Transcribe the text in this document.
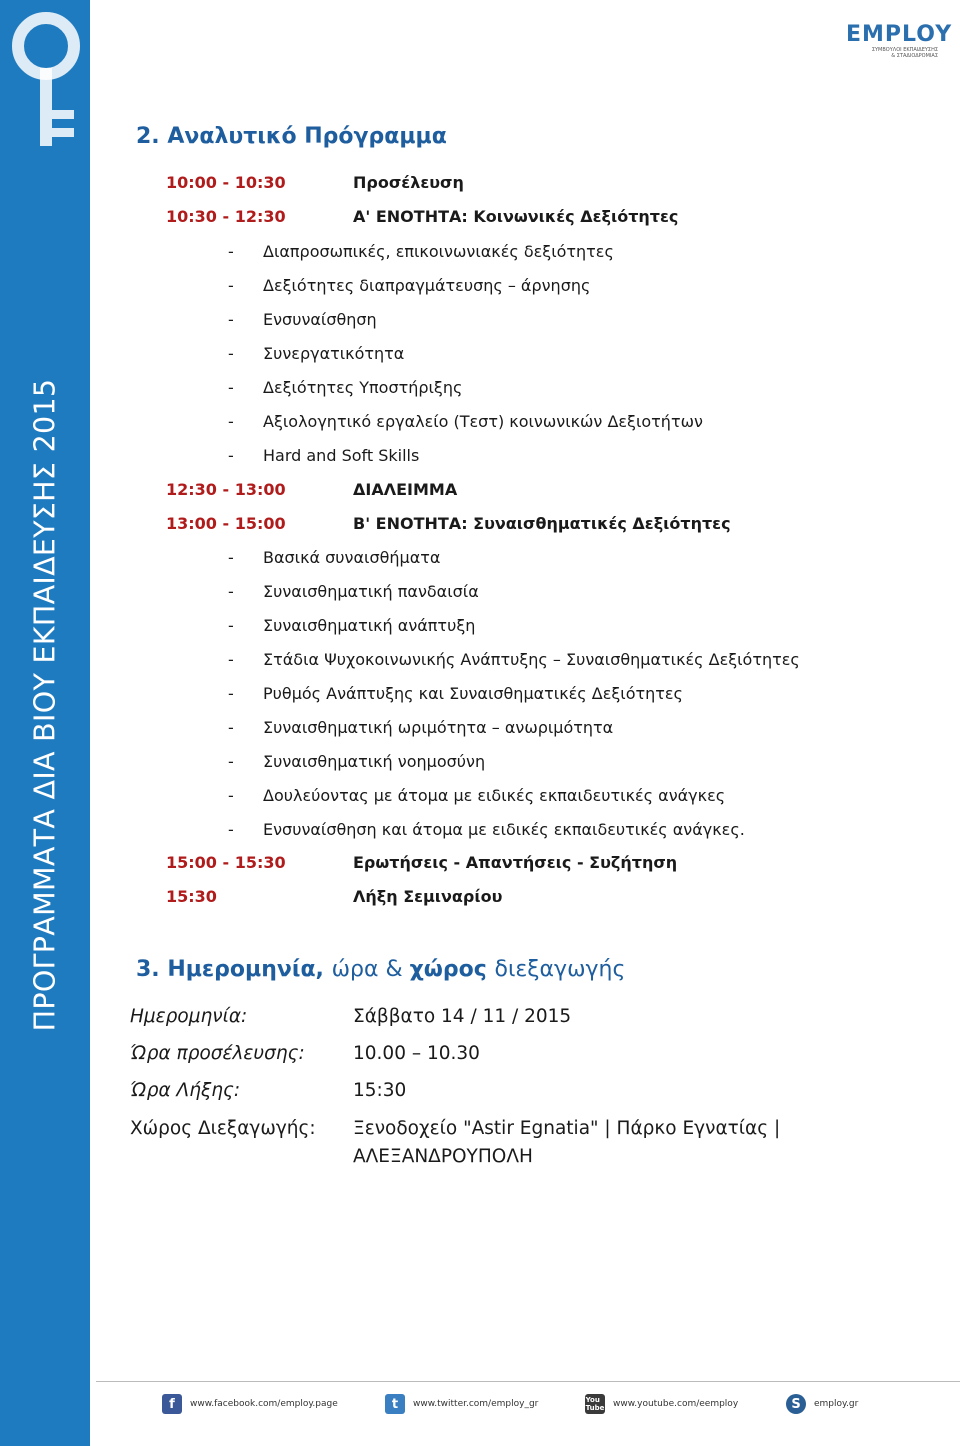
ΠΡΟΓΡΑΜΜΑΤΑ ΔΙΑ ΒΙΟΥ ΕΚΠΑΙΔΕΥΣΗΣ 2015
EMPLOY
ΣΥΜΒΟΥΛΟΙ ΕΚΠΑΙΔΕΥΣΗΣ
& ΣΤΑΔΙΟΔΡΟΜΙΑΣ
2. Αναλυτικό Πρόγραμμα
10:00 - 10:30	Προσέλευση
10:30 - 12:30	Α' ΕΝΟΤΗΤΑ: Κοινωνικές Δεξιότητες
- Διαπροσωπικές, επικοινωνιακές δεξιότητες
- Δεξιότητες διαπραγμάτευσης – άρνησης
- Ενσυναίσθηση
- Συνεργατικότητα
- Δεξιότητες Υποστήριξης
- Αξιολογητικό εργαλείο (Τεστ) κοινωνικών Δεξιοτήτων
- Hard and Soft Skills
12:30 - 13:00	ΔΙΑΛΕΙΜΜΑ
13:00 - 15:00	Β' ΕΝΟΤΗΤΑ: Συναισθηματικές Δεξιότητες
- Βασικά συναισθήματα
- Συναισθηματική πανδαισία
- Συναισθηματική ανάπτυξη
- Στάδια Ψυχοκοινωνικής Ανάπτυξης – Συναισθηματικές Δεξιότητες
- Ρυθμός Ανάπτυξης και Συναισθηματικές Δεξιότητες
- Συναισθηματική ωριμότητα – ανωριμότητα
- Συναισθηματική νοημοσύνη
- Δουλεύοντας με άτομα με ειδικές εκπαιδευτικές ανάγκες
- Ενσυναίσθηση και άτομα με ειδικές εκπαιδευτικές ανάγκες.
15:00 - 15:30	Ερωτήσεις - Απαντήσεις - Συζήτηση
15:30	Λήξη Σεμιναρίου
3. Ημερομηνία, ώρα & χώρος διεξαγωγής
Ημερομηνία:	Σάββατο 14 / 11 / 2015
Ώρα προσέλευσης:	10.00 – 10.30
Ώρα Λήξης:	15:30
Χώρος Διεξαγωγής: Ξενοδοχείο "Astir Egnatia" | Πάρκο Εγνατίας |
ΑΛΕΞΑΝΔΡΟΥΠΟΛΗ
f	www.facebook.com/employ.page	t	www.twitter.com/employ_gr	You
Tube www.youtube.com/eemploy	S	employ.gr
